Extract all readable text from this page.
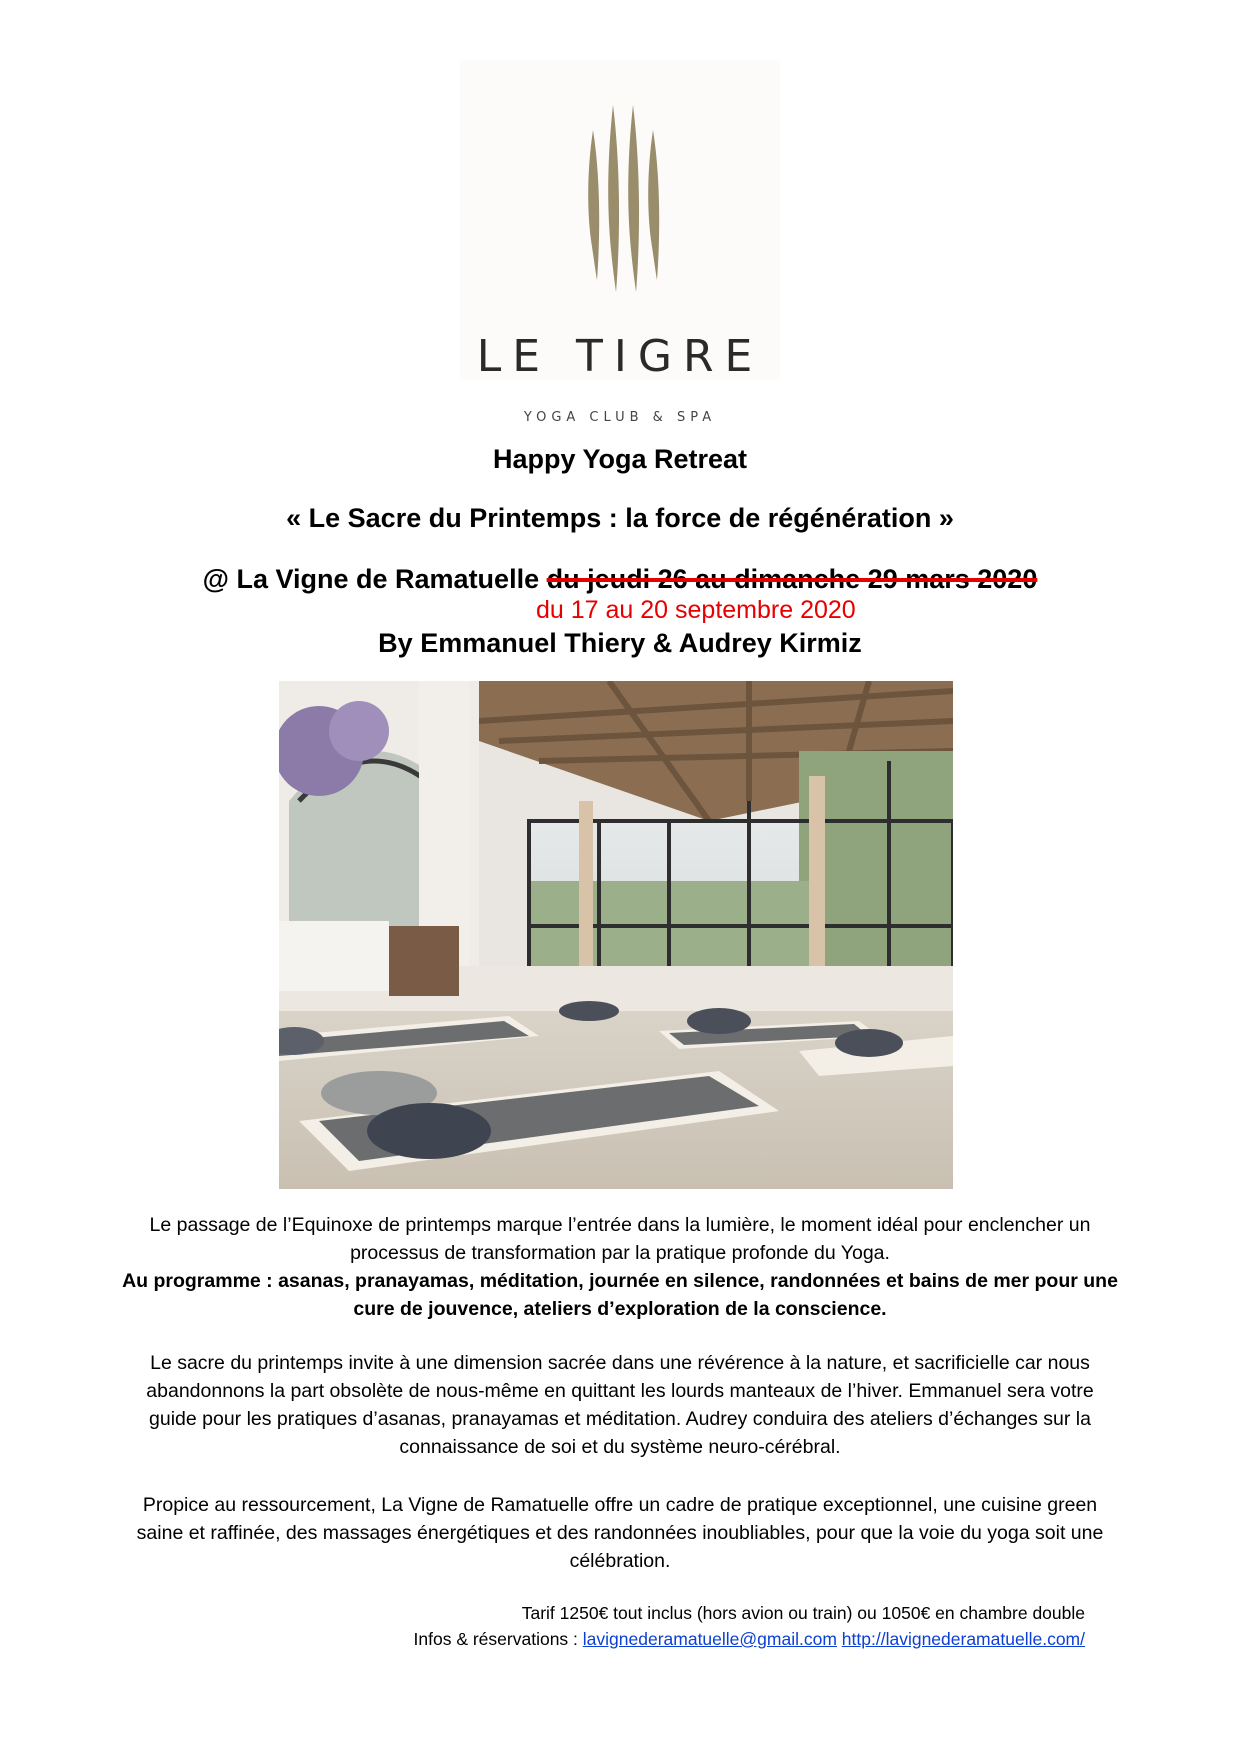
LE TIGRE
YOGA CLUB & SPA
Happy Yoga Retreat
« Le Sacre du Printemps : la force de régénération »
@ La Vigne de Ramatuelle du jeudi 26 au dimanche 29 mars 2020
du 17 au 20 septembre 2020
By Emmanuel Thiery & Audrey Kirmiz
Le passage de l’Equinoxe de printemps marque l’entrée dans la lumière, le moment idéal pour enclencher un processus de transformation par la pratique profonde du Yoga.
Au programme : asanas, pranayamas, méditation, journée en silence, randonnées et bains de mer pour une cure de jouvence, ateliers d’exploration de la conscience.
Le sacre du printemps invite à une dimension sacrée dans une révérence à la nature, et sacrificielle car nous abandonnons la part obsolète de nous-même en quittant les lourds manteaux de l’hiver. Emmanuel sera votre guide pour les pratiques d’asanas, pranayamas et méditation. Audrey conduira des ateliers d’échanges sur la connaissance de soi et du système neuro-cérébral.
Propice au ressourcement, La Vigne de Ramatuelle offre un cadre de pratique exceptionnel, une cuisine green saine et raffinée, des massages énergétiques et des randonnées inoubliables, pour que la voie du yoga soit une célébration.
Tarif 1250€ tout inclus (hors avion ou train) ou 1050€ en chambre double
Infos & réservations : lavignederamatuelle@gmail.com http://lavignederamatuelle.com/
